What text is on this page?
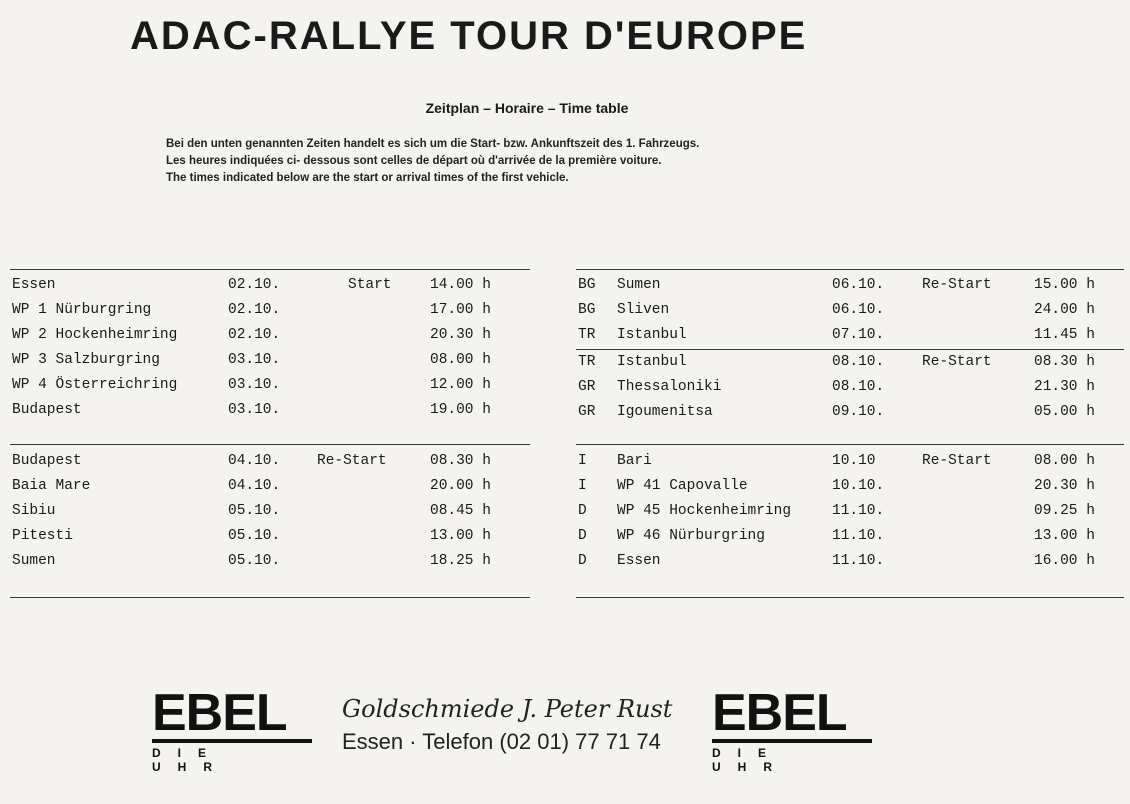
ADAC-RALLYE TOUR D'EUROPE
Zeitplan – Horaire – Time table
Bei den unten genannten Zeiten handelt es sich um die Start- bzw. Ankunftszeit des 1. Fahrzeugs.
Les heures indiquées ci- dessous sont celles de départ où d'arrivée de la première voiture.
The times indicated below are the start or arrival times of the first vehicle.
Essen	02.10.	Start	14.00 h
WP 1 Nürburgring	02.10.	17.00 h
WP 2 Hockenheimring	02.10.	20.30 h
WP 3 Salzburgring	03.10.	08.00 h
WP 4 Österreichring	03.10.	12.00 h
Budapest	03.10.	19.00 h
Budapest	04.10.	Re-Start	08.30 h
Baia Mare	04.10.	20.00 h
Sibiu	05.10.	08.45 h
Pitesti	05.10.	13.00 h
Sumen	05.10.	18.25 h
BG Sumen	06.10.	Re-Start	15.00 h
BG Sliven	06.10.	24.00 h
TR Istanbul	07.10.	11.45 h
TR Istanbul	08.10.	Re-Start	08.30 h
GR Thessaloniki	08.10.	21.30 h
GR Igoumenitsa	09.10.	05.00 h
I Bari	10.10	Re-Start	08.00 h
I WP 41 Capovalle	10.10.	20.30 h
D WP 45 Hockenheimring	11.10.	09.25 h
D WP 46 Nürburgring	11.10.	13.00 h
D Essen	11.10.	16.00 h
EBEL
DIE UHR
Goldschmiede J. Peter Rust
Essen · Telefon (02 01) 77 71 74 EBEL
DIE UHR
